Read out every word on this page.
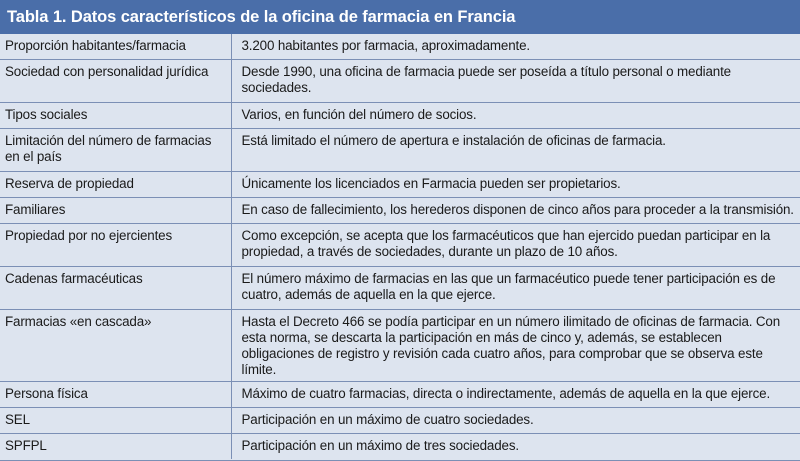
Tabla 1. Datos característicos de la oficina de farmacia en Francia
Proporción habitantes/farmacia	3.200 habitantes por farmacia, aproximadamente.
Sociedad con personalidad jurídica	Desde 1990, una oficina de farmacia puede ser poseída a título personal o mediante sociedades.
Tipos sociales	Varios, en función del número de socios.
Limitación del número de farmacias en el país	Está limitado el número de apertura e instalación de oficinas de farmacia.
Reserva de propiedad	Únicamente los licenciados en Farmacia pueden ser propietarios.
Familiares	En caso de fallecimiento, los herederos disponen de cinco años para proceder a la transmisión.
Propiedad por no ejercientes	Como excepción, se acepta que los farmacéuticos que han ejercido puedan participar en la propiedad, a través de sociedades, durante un plazo de 10 años.
Cadenas farmacéuticas	El número máximo de farmacias en las que un farmacéutico puede tener participación es de cuatro, además de aquella en la que ejerce.
Farmacias «en cascada»	Hasta el Decreto 466 se podía participar en un número ilimitado de oficinas de farmacia. Con esta norma, se descarta la participación en más de cinco y, además, se establecen obligaciones de registro y revisión cada cuatro años, para comprobar que se observa este límite.
Persona física	Máximo de cuatro farmacias, directa o indirectamente, además de aquella en la que ejerce.
SEL	Participación en un máximo de cuatro sociedades.
SPFPL	Participación en un máximo de tres sociedades.
